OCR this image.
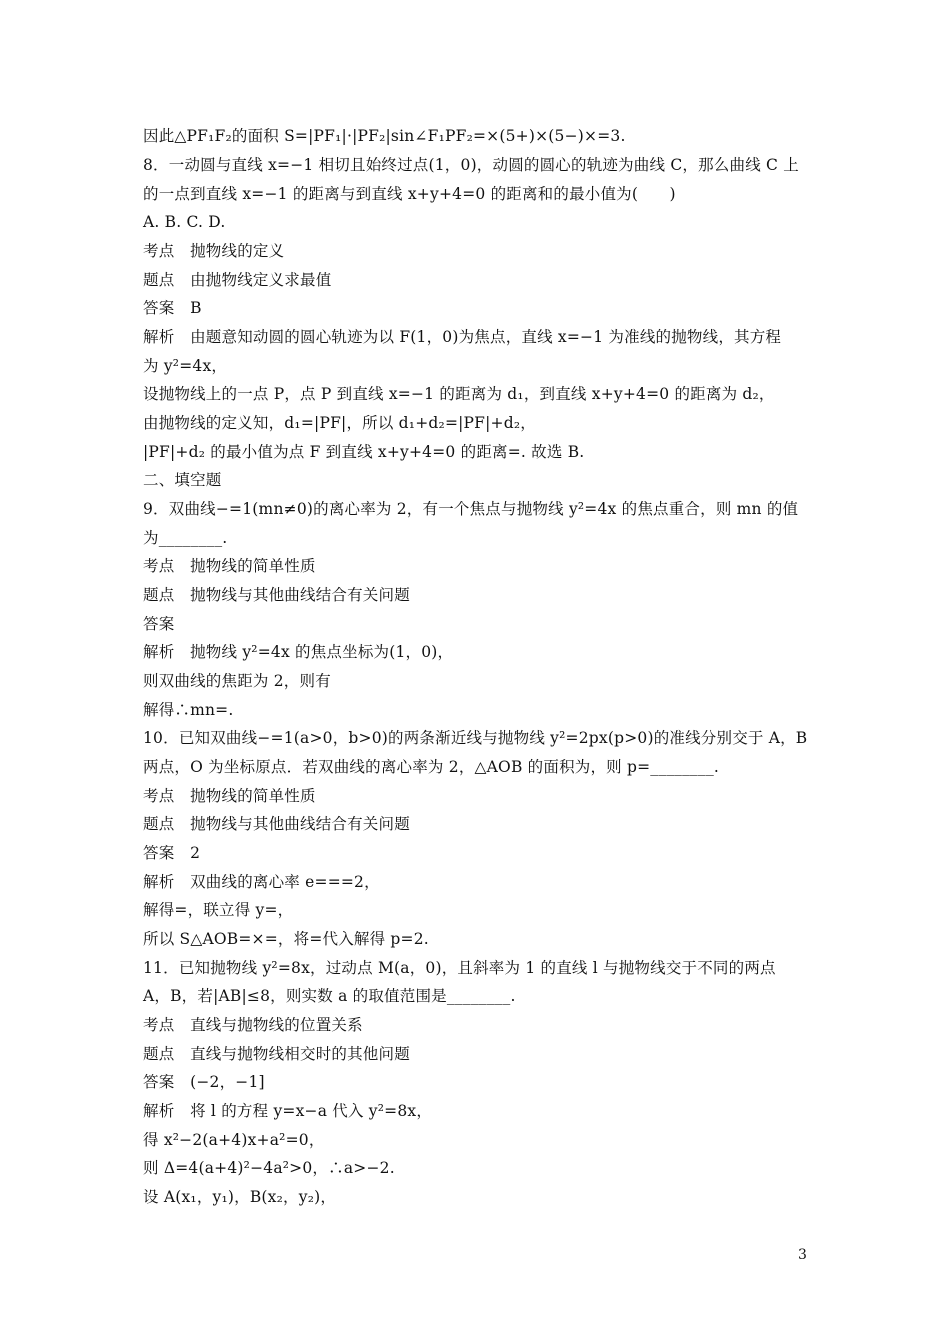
因此△PF₁F₂的面积 S=|PF₁|·|PF₂|sin∠F₁PF₂=×(5+)×(5−)×=3.
8．一动圆与直线 x=−1 相切且始终过点(1，0)，动圆的圆心的轨迹为曲线 C，那么曲线 C 上
的一点到直线 x=−1 的距离与到直线 x+y+4=0 的距离和的最小值为(　　)
A. B. C. D.
考点　抛物线的定义
题点　由抛物线定义求最值
答案　B
解析　由题意知动圆的圆心轨迹为以 F(1，0)为焦点，直线 x=−1 为准线的抛物线，其方程
为 y²=4x，
设抛物线上的一点 P，点 P 到直线 x=−1 的距离为 d₁，到直线 x+y+4=0 的距离为 d₂，
由抛物线的定义知，d₁=|PF|，所以 d₁+d₂=|PF|+d₂，
|PF|+d₂ 的最小值为点 F 到直线 x+y+4=0 的距离=. 故选 B.
二、填空题
9．双曲线−=1(mn≠0)的离心率为 2，有一个焦点与抛物线 y²=4x 的焦点重合，则 mn 的值
为________.
考点　抛物线的简单性质
题点　抛物线与其他曲线结合有关问题
答案
解析　抛物线 y²=4x 的焦点坐标为(1，0)，
则双曲线的焦距为 2，则有
解得∴mn=.
10．已知双曲线−=1(a>0，b>0)的两条渐近线与抛物线 y²=2px(p>0)的准线分别交于 A，B
两点，O 为坐标原点．若双曲线的离心率为 2，△AOB 的面积为，则 p=________.
考点　抛物线的简单性质
题点　抛物线与其他曲线结合有关问题
答案　2
解析　双曲线的离心率 e===2，
解得=，联立得 y=，
所以 S△AOB=×=，将=代入解得 p=2.
11．已知抛物线 y²=8x，过动点 M(a，0)，且斜率为 1 的直线 l 与抛物线交于不同的两点
A，B，若|AB|≤8，则实数 a 的取值范围是________.
考点　直线与抛物线的位置关系
题点　直线与抛物线相交时的其他问题
答案　(−2，−1]
解析　将 l 的方程 y=x−a 代入 y²=8x，
得 x²−2(a+4)x+a²=0，
则 Δ=4(a+4)²−4a²>0，∴a>−2.
设 A(x₁，y₁)，B(x₂，y₂)，
3
